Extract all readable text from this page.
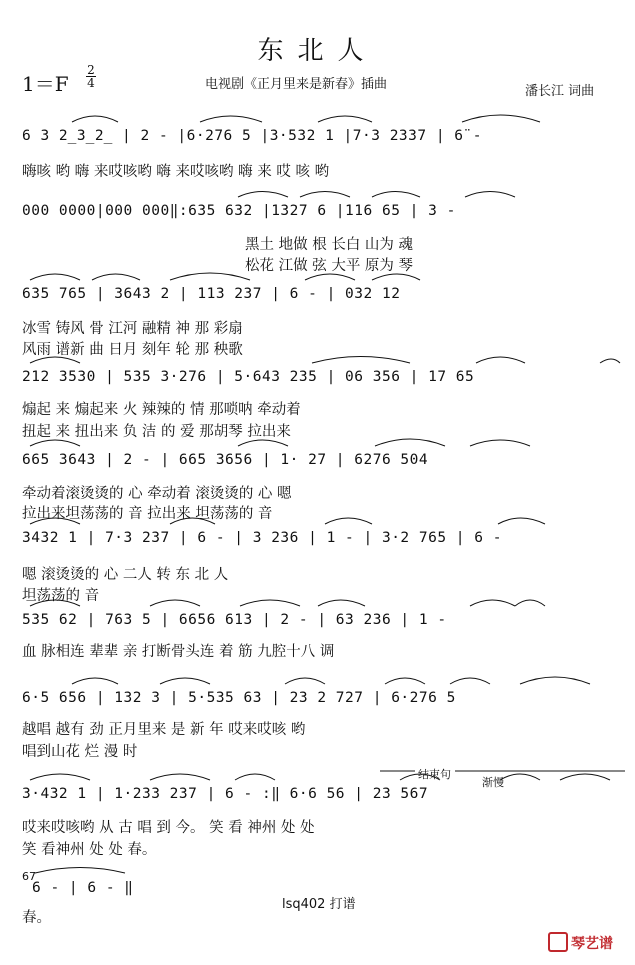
东北人
1＝F
2
4	电视剧《正月里来是新春》插曲	潘长江 词曲
6 3 2̲3̲2̲ | 2 - |6·276 5 |3·532 1 |7·3 2337 | 6̈ -
嗨咳 哟 嗨 来哎咳哟 嗨 来哎咳哟 嗨 来 哎 咳 哟
000 0000|000 000‖:635 632 |1327 6 |116 65 | 3 -
黑土 地做 根 长白 山为 魂
松花 江做 弦 大平 原为 琴
635 765 | 3643 2 | 113 237 | 6 - | 032 12
冰雪 铸风 骨 江河 融精 神 那 彩扇
风雨 谱新 曲 日月 刻年 轮 那 秧歌
212 3530 | 535 3·276 | 5·643 235 | 06 356 | 17 65
煽起 来 煽起来 火 辣辣的 情 那唢呐 牵动着
扭起 来 扭出来 负 洁 的 爱 那胡琴 拉出来
665 3643 | 2 - | 665 3656 | 1· 27 | 6276 504
牵动着滚烫烫的 心 牵动着 滚烫烫的 心 嗯
拉出来坦荡荡的 音 拉出来 坦荡荡的 音
3432 1 | 7·3 237 | 6 - | 3 236 | 1 - | 3·2 765 | 6 -
嗯 滚烫烫的 心 二人 转 东 北 人
坦荡荡的 音
535 62 | 763 5 | 6656 613 | 2 - | 63 236 | 1 -
血 脉相连 辈辈 亲 打断骨头连 着 筋 九腔十八 调
6·5 656 | 132 3 | 5·535 63 | 23 2 727 | 6·276 5
越唱 越有 劲 正月里来 是 新 年 哎来哎咳 哟
唱到山花 烂 漫 时
结束句
渐慢
3·432 1 | 1·233 237 | 6 - :‖ 6·6 56 | 23 567
哎来哎咳哟 从 古 唱 到 今。 笑 看 神州 处 处
笑 看神州 处 处 春。
67
6 - | 6 - ‖
春。
lsq402 打谱
琴艺谱
